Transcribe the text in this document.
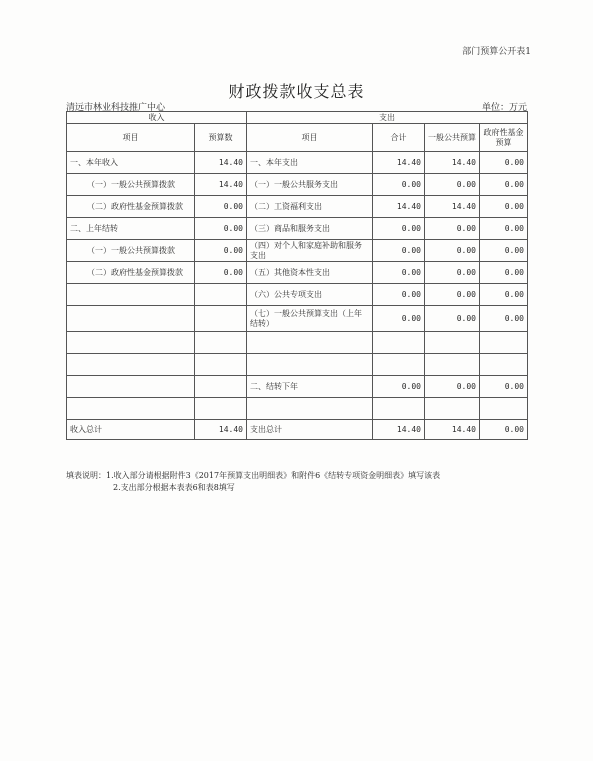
部门预算公开表1
财政拨款收支总表
清远市林业科技推广中心	单位：万元
收入		支出			
项目	预算数	项目	合计	一般公共预算	政府性基金预算
一、本年收入	14.40	一、本年支出	14.40	14.40	0.00
（一）一般公共预算拨款	14.40	（一）一般公共服务支出	0.00	0.00	0.00
（二）政府性基金预算拨款	0.00	（二）工资福利支出	14.40	14.40	0.00
二、上年结转	0.00	（三）商品和服务支出	0.00	0.00	0.00
（一）一般公共预算拨款	0.00	（四）对个人和家庭补助和服务支出	0.00	0.00	0.00
（二）政府性基金预算拨款	0.00	（五）其他资本性支出	0.00	0.00	0.00
		（六）公共专项支出	0.00	0.00	0.00
		（七）一般公共预算支出（上年结转）	0.00	0.00	0.00

		二、结转下年	0.00	0.00	0.00

收入总计	14.40	支出总计	14.40	14.40	0.00
填表说明：1.收入部分请根据附件3《2017年预算支出明细表》和附件6《结转专项资金明细表》填写该表
2.支出部分根据本表表6和表8填写
